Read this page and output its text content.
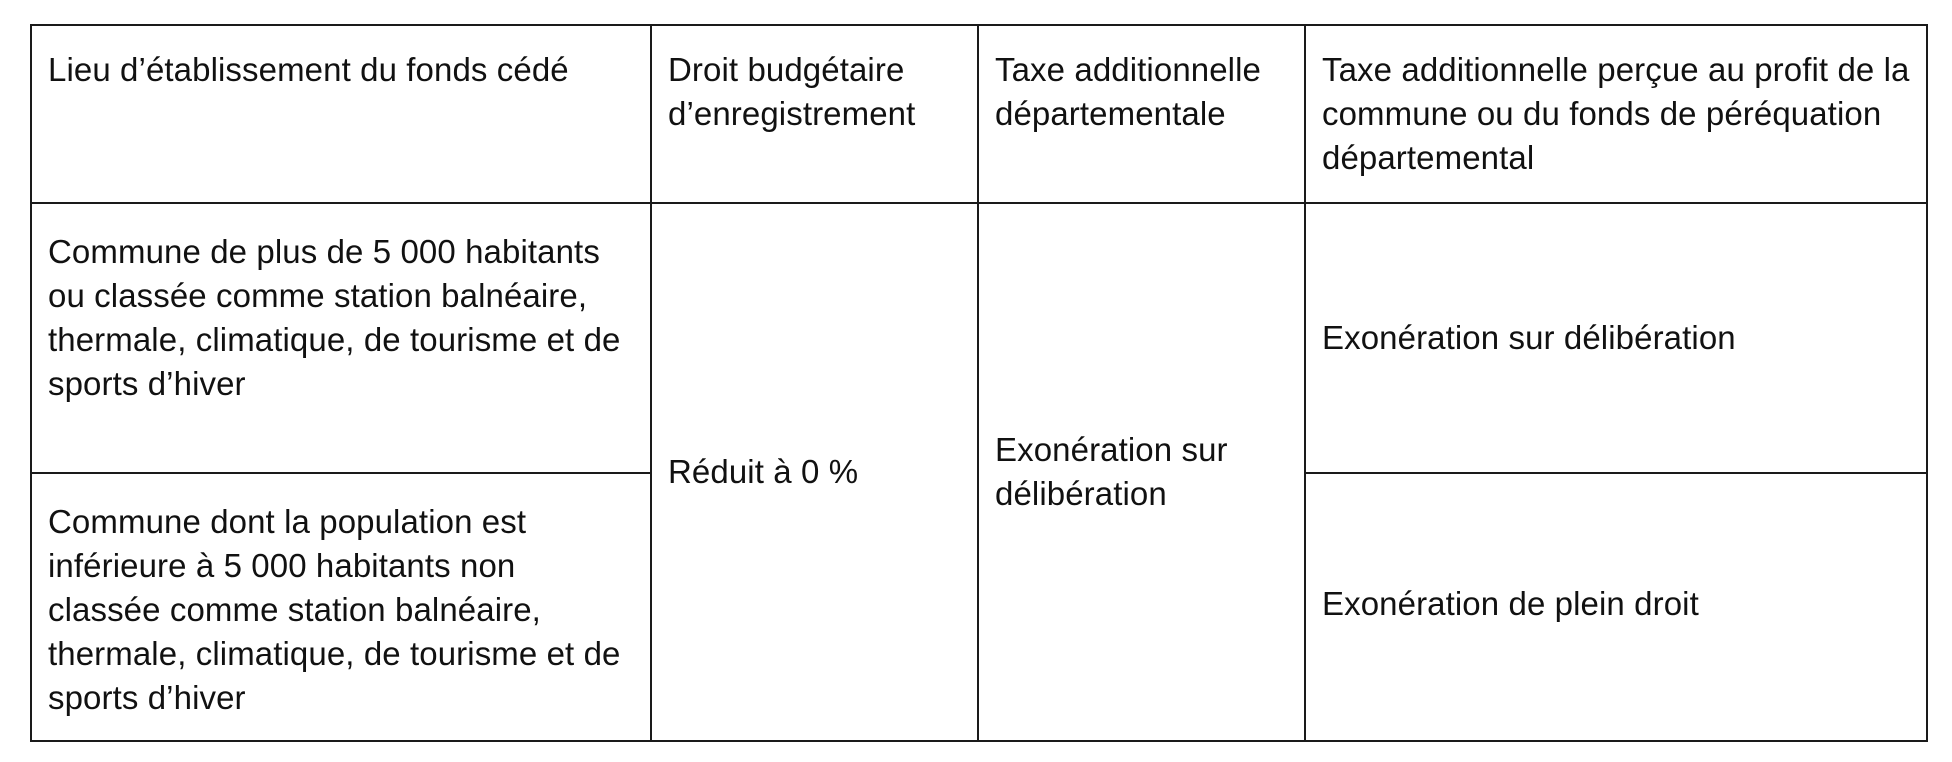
Lieu d’établissement du fonds cédé	Droit budgétaire d’enregistrement	Taxe additionnelle départementale	Taxe additionnelle perçue au profit de la commune ou du fonds de péréquation départemental
Commune de plus de 5 000 habitants ou classée comme station balnéaire, thermale, climatique, de tourisme et de sports d’hiver	Réduit à 0 %	Exonération sur délibération	Exonération sur délibération
Commune dont la population est inférieure à 5 000 habitants non classée comme station balnéaire, thermale, climatique, de tourisme et de sports d’hiver			Exonération de plein droit
